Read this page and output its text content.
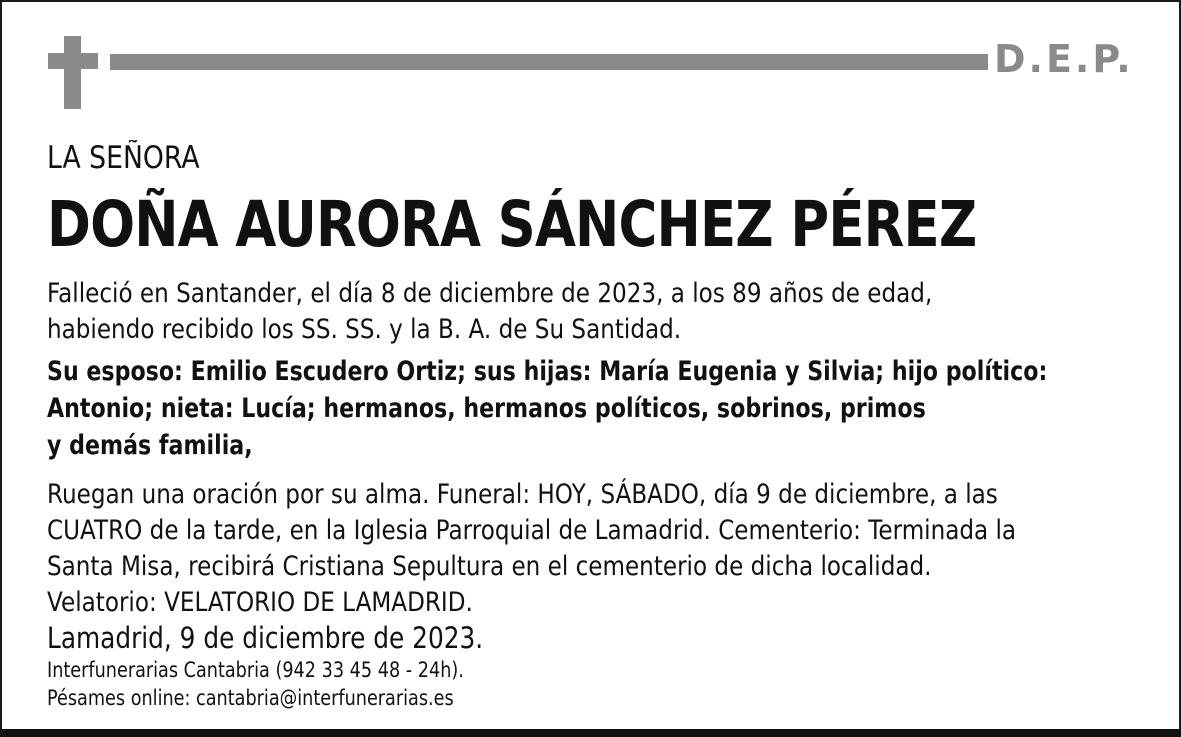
D.E.P.
LA SEÑORA
DOÑA AURORA SÁNCHEZ PÉREZ
Falleció en Santander, el día 8 de diciembre de 2023, a los 89 años de edad,
habiendo recibido los SS. SS. y la B. A. de Su Santidad.
Su esposo: Emilio Escudero Ortiz; sus hijas: María Eugenia y Silvia; hijo político:
Antonio; nieta: Lucía; hermanos, hermanos políticos, sobrinos, primos
y demás familia,
Ruegan una oración por su alma. Funeral: HOY, SÁBADO, día 9 de diciembre, a las
CUATRO de la tarde, en la Iglesia Parroquial de Lamadrid. Cementerio: Terminada la
Santa Misa, recibirá Cristiana Sepultura en el cementerio de dicha localidad.
Velatorio: VELATORIO DE LAMADRID.
Lamadrid, 9 de diciembre de 2023.
Interfunerarias Cantabria (942 33 45 48 - 24h).
Pésames online: cantabria@interfunerarias.es
